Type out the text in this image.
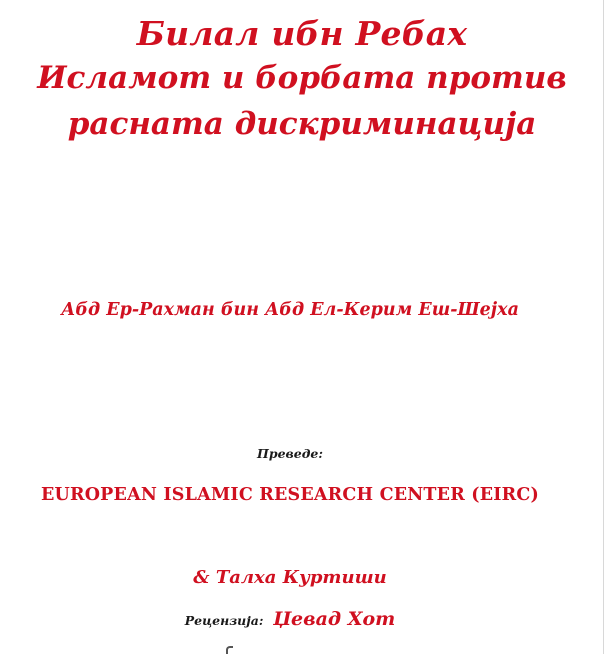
Билал ибн Ребах
Исламот и борбата против
расната дискриминација

Абд Ер-Рахман бин Абд Ел-Керим Еш-Шејха

Преведе:

EUROPEAN ISLAMIC RESEARCH CENTER (EIRC)

& Талха Куртиши

Рецензија: Џевад Хот
